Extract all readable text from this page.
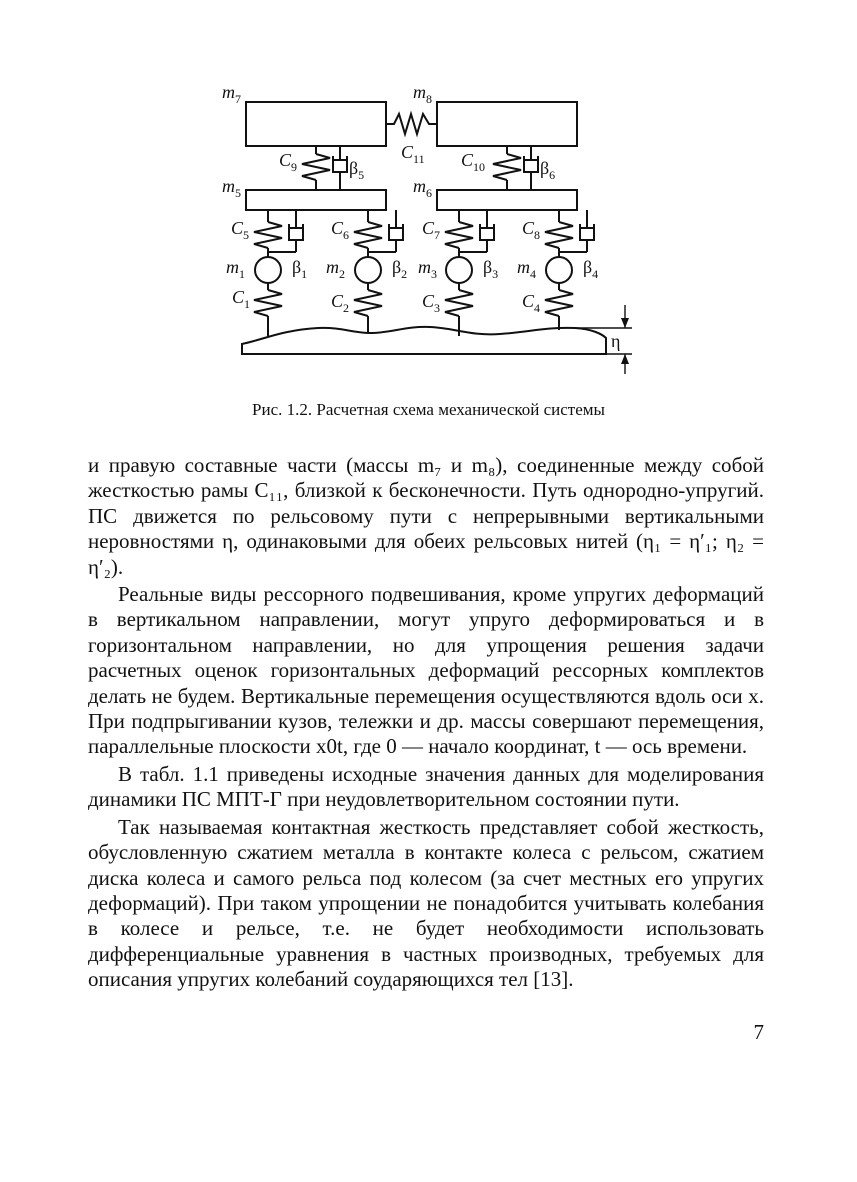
$m_7$	$m_8$
$C_{11}$
$C_9$	$\beta_5$
$C_{10}$	$\beta_6$
$m_5$	$m_6$
$C_5$	$C_6$	$C_7$	$C_8$
$m_1$	$\beta_1$ $m_2$	$\beta_2$ $m_3$	$\beta_3$ $m_4$	$\beta_4$
$C_1$	$C_2$	$C_3$	$C_4$
η
Рис. 1.2. Расчетная схема механической системы

и правую составные части (массы m₇ и m₈), соединенные между собой жесткостью рамы C₁₁, близкой к бесконечности. Путь однородно-упругий. ПС движется по рельсовому пути с непрерывными вертикальными неровностями η, одинаковыми для обеих рельсовых нитей (η₁ = η′₁; η₂ = η′₂).

Реальные виды рессорного подвешивания, кроме упругих деформаций в вертикальном направлении, могут упруго деформироваться и в горизонтальном направлении, но для упрощения решения задачи расчетных оценок горизонтальных деформаций рессорных комплектов делать не будем. Вертикальные перемещения осуществляются вдоль оси x. При подпрыгивании кузов, тележки и др. массы совершают перемещения, параллельные плоскости x0t, где 0 — начало координат, t — ось времени.

В табл. 1.1 приведены исходные значения данных для моделирования динамики ПС МПТ-Г при неудовлетворительном состоянии пути.

Так называемая контактная жесткость представляет собой жесткость, обусловленную сжатием металла в контакте колеса с рельсом, сжатием диска колеса и самого рельса под колесом (за счет местных его упругих деформаций). При таком упрощении не понадобится учитывать колебания в колесе и рельсе, т.е. не будет необходимости использовать дифференциальные уравнения в частных производных, требуемых для описания упругих колебаний соударяющихся тел [13].

7
